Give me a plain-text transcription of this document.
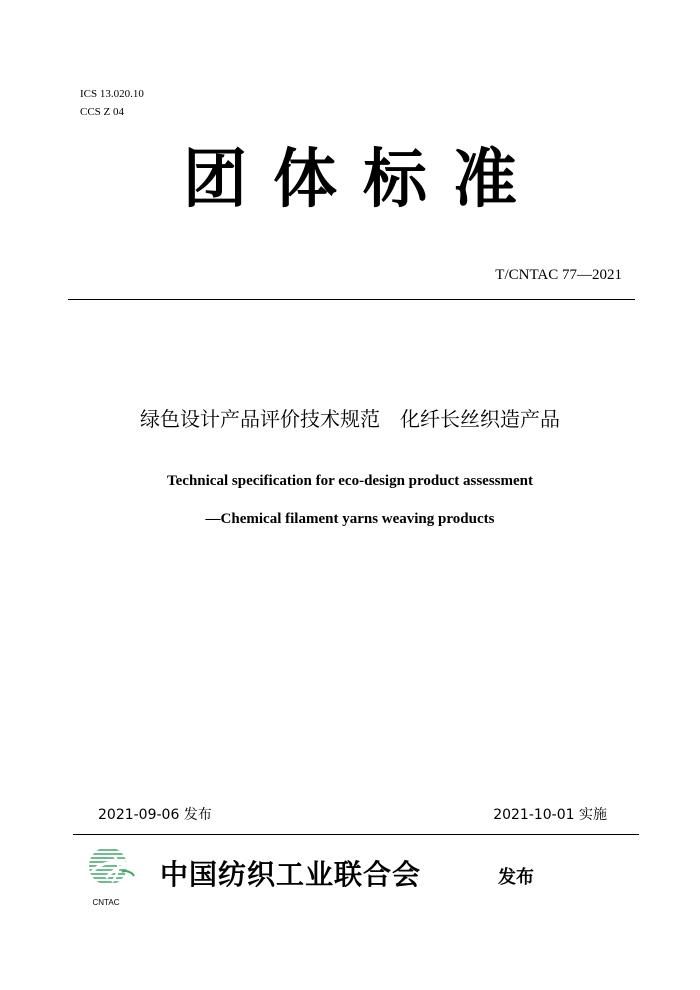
ICS 13.020.10
CCS Z 04
团体标准
T/CNTAC 77—2021
绿色设计产品评价技术规范　化纤长丝织造产品
Technical specification for eco-design product assessment
—Chemical filament yarns weaving products
2021-09-06 发布	2021-10-01 实施
CNTAC
中国纺织工业联合会	发布
